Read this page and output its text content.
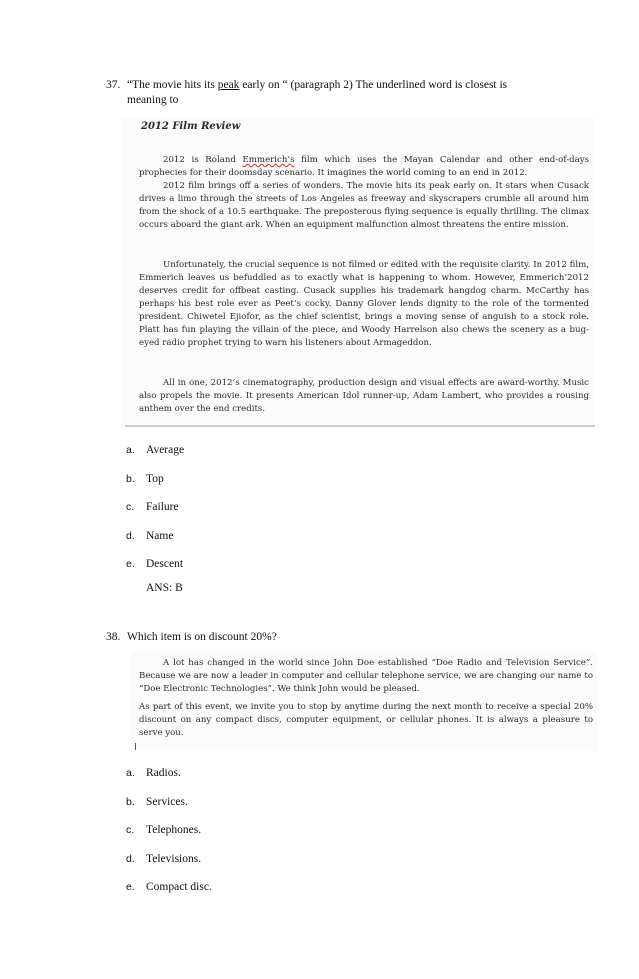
37. “The movie hits its peak early on “ (paragraph 2) The underlined word is closest is
meaning to
2012 Film Review

2012 is Roland Emmerich’s film which uses the Mayan Calendar and other end-of-days prophecies for their doomsday scenario. It imagines the world coming to an end in 2012.

2012 film brings off a series of wonders. The movie hits its peak early on. It stars when Cusack drives a limo through the streets of Los Angeles as freeway and skyscrapers crumble all around him from the shock of a 10.5 earthquake. The preposterous flying sequence is equally thrilling. The climax occurs aboard the giant ark. When an equipment malfunction almost threatens the entire mission.

Unfortunately, the crucial sequence is not filmed or edited with the requisite clarity. In 2012 film, Emmerich leaves us befuddled as to exactly what is happening to whom. However, Emmerich’2012 deserves credit for offbeat casting. Cusack supplies his trademark hangdog charm. McCarthy has perhaps his best role ever as Peet’s cocky. Danny Glover lends dignity to the role of the tormented president. Chiwetel Ejiofor, as the chief scientist, brings a moving sense of anguish to a stock role. Platt has fun playing the villain of the piece, and Woody Harrelson also chews the scenery as a bug-eyed radio prophet trying to warn his listeners about Armageddon.

All in one, 2012’s cinematography, production design and visual effects are award-worthy. Music also propels the movie. It presents American Idol runner-up, Adam Lambert, who provides a rousing anthem over the end credits.

a. Average
b. Top
c. Failure
d. Name
e. Descent
ANS: B
38. Which item is on discount 20%?

A lot has changed in the world since John Doe established “Doe Radio and Television Service”. Because we are now a leader in computer and cellular telephone service, we are changing our name to “Doe Electronic Technologies”. We think John would be pleased.

As part of this event, we invite you to stop by anytime during the next month to receive a special 20% discount on any compact discs, computer equipment, or cellular phones. It is always a pleasure to serve you.

a. Radios.
b. Services.
c. Telephones.
d. Televisions.
e. Compact disc.
